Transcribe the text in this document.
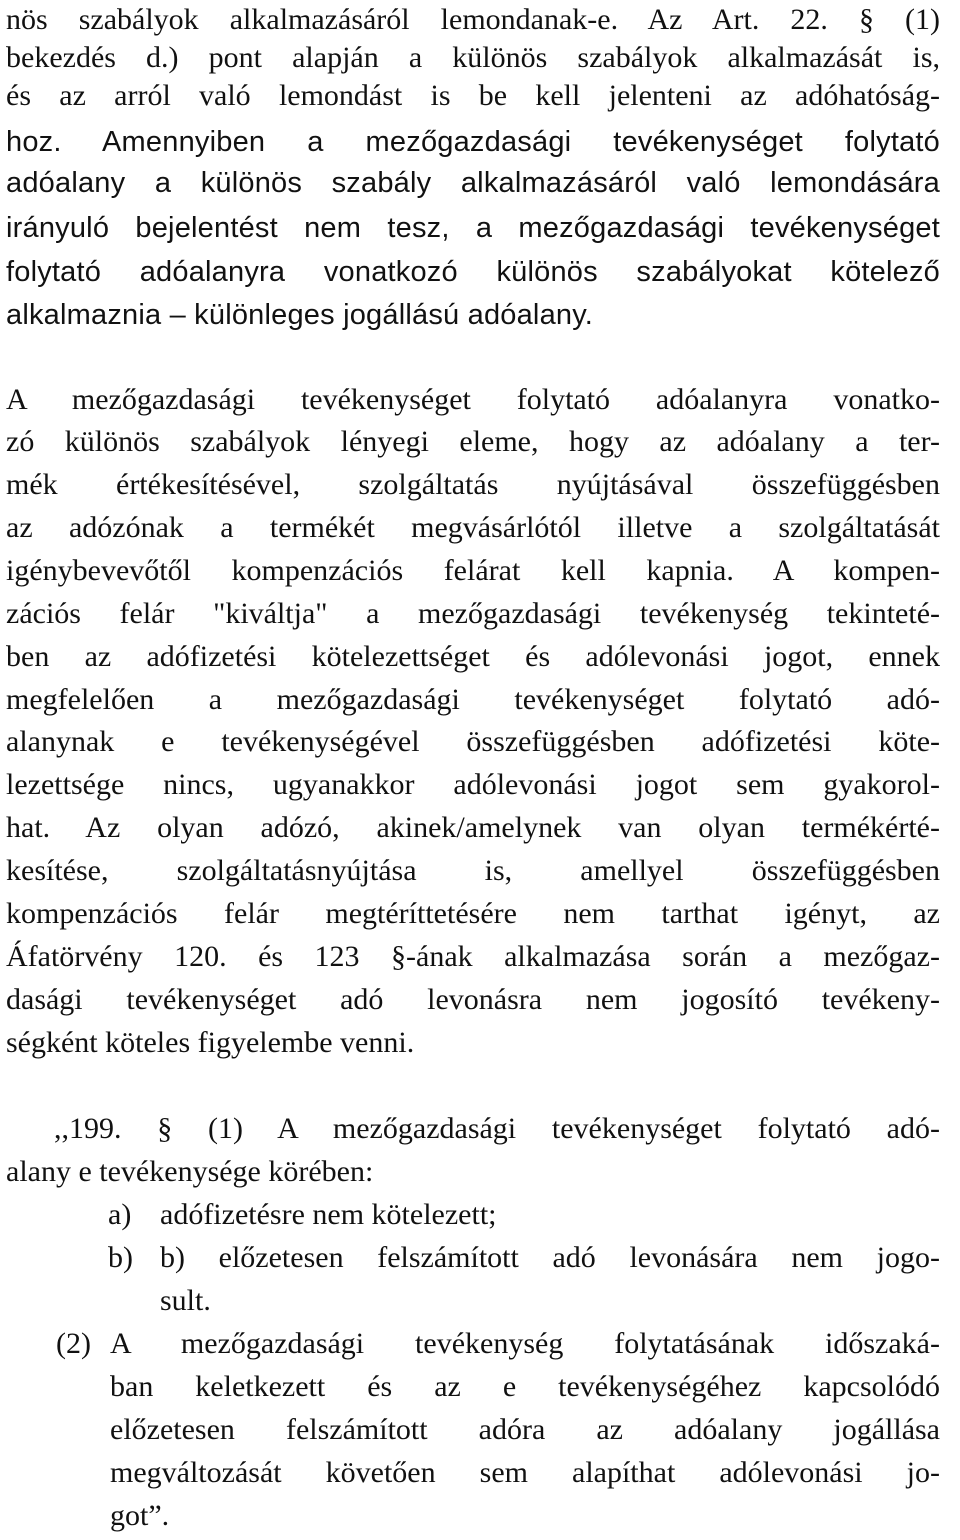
nös szabályok alkalmazásáról lemondanak-e. Az Art. 22. § (1)
bekezdés d.) pont alapján a különös szabályok alkalmazását is,
és az arról való lemondást is be kell jelenteni az adóhatóság-
hoz. Amennyiben a mezőgazdasági tevékenységet folytató
adóalany a különös szabály alkalmazásáról való lemondására
irányuló bejelentést nem tesz, a mezőgazdasági tevékenységet
folytató adóalanyra vonatkozó különös szabályokat kötelező
alkalmaznia – különleges jogállású adóalany.
A mezőgazdasági tevékenységet folytató adóalanyra vonatko-
zó különös szabályok lényegi eleme, hogy az adóalany a ter-
mék értékesítésével, szolgáltatás nyújtásával összefüggésben
az adózónak a termékét megvásárlótól illetve a szolgáltatását
igénybevevőtől kompenzációs felárat kell kapnia. A kompen-
zációs felár "kiváltja" a mezőgazdasági tevékenység tekinteté-
ben az adófizetési kötelezettséget és adólevonási jogot, ennek
megfelelően a mezőgazdasági tevékenységet folytató adó-
alanynak e tevékenységével összefüggésben adófizetési köte-
lezettsége nincs, ugyanakkor adólevonási jogot sem gyakorol-
hat. Az olyan adózó, akinek/amelynek van olyan termékérté-
kesítése, szolgáltatásnyújtása is, amellyel összefüggésben
kompenzációs felár megtéríttetésére nem tarthat igényt, az
Áfatörvény 120. és 123 §-ának alkalmazása során a mezőgaz-
dasági tevékenységet adó levonásra nem jogosító tevékeny-
ségként köteles figyelembe venni.
,,199. § (1) A mezőgazdasági tevékenységet folytató adó-
alany e tevékenysége körében:
a) adófizetésre nem kötelezett;
b) b) előzetesen felszámított adó levonására nem jogo-
sult.
(2) A mezőgazdasági tevékenység folytatásának időszaká-
ban keletkezett és az e tevékenységéhez kapcsolódó
előzetesen felszámított adóra az adóalany jogállása
megváltozását követően sem alapíthat adólevonási jo-
got”.
